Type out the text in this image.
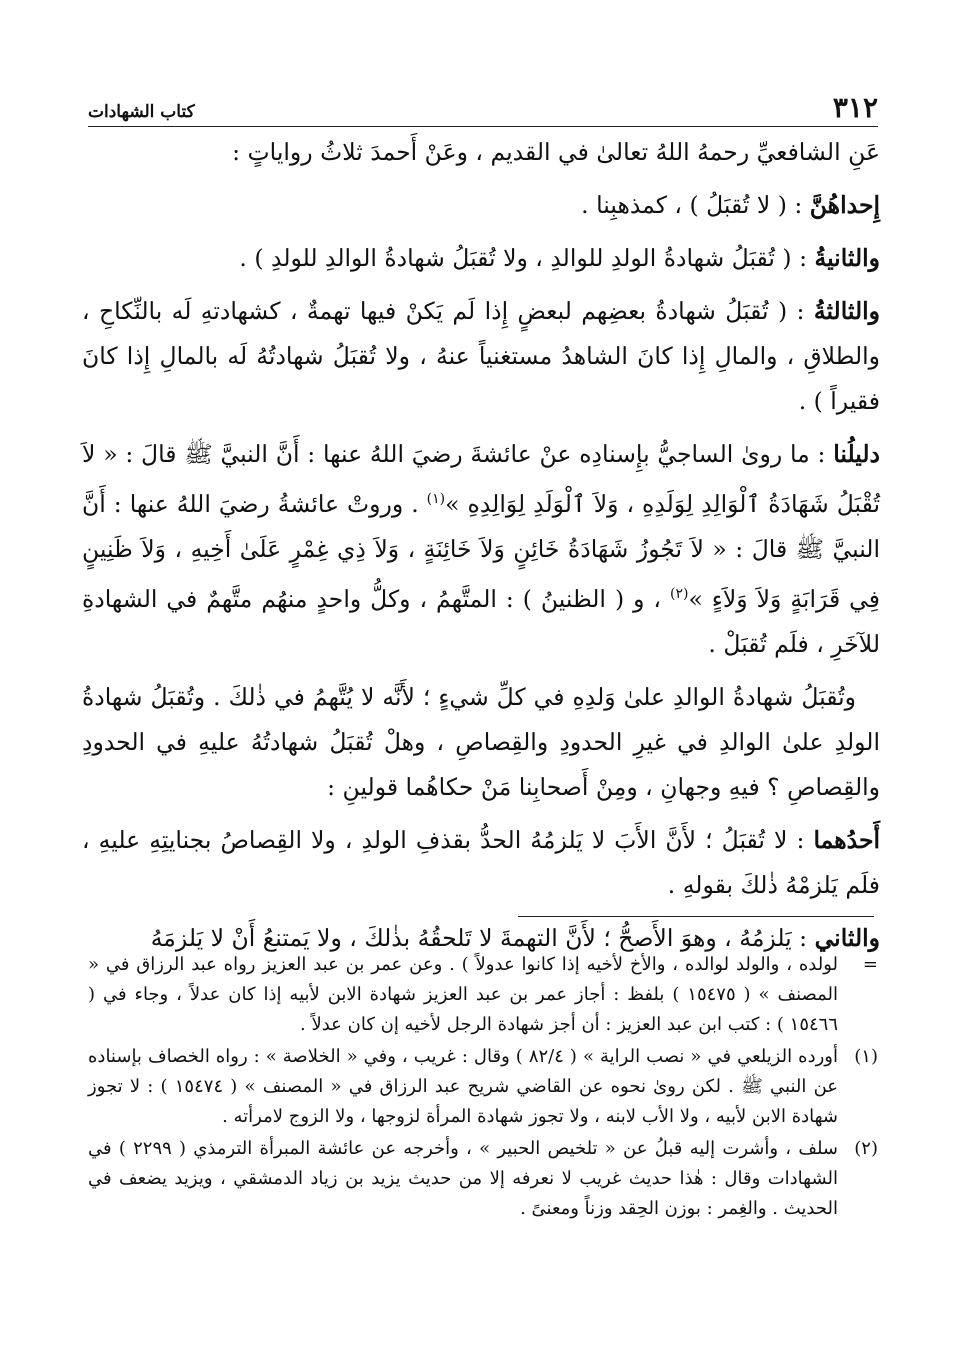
٣١٢
كتاب الشهادات

عَنِ الشافعيِّ رحمهُ اللهُ تعالىٰ في القديم ، وعَنْ أَحمدَ ثلاثُ رواياتٍ :

إِحداهُنَّ : ( لا تُقبَلُ ) ، كمذهبِنا .

والثانيةُ : ( تُقبَلُ شهادةُ الولدِ للوالدِ ، ولا تُقبَلُ شهادةُ الوالدِ للولدِ ) .

والثالثةُ : ( تُقبَلُ شهادةُ بعضِهم لبعضٍ إِذا لَم يَكنْ فيها تهمةٌ ، كشهادتهِ لَه بالنِّكاحِ ، والطلاقِ ، والمالِ إِذا كانَ الشاهدُ مستغنياً عنهُ ، ولا تُقبَلُ شهادتُهُ لَه بالمالِ إِذا كانَ فقيراً ) .

دليلُنا : ما روىٰ الساجيُّ بإِسنادِه عنْ عائشةَ رضيَ اللهُ عنها : أَنَّ النبيَّ ﷺ قالَ : « لاَ تُقْبَلُ شَهَادَةُ ٱلْوَالِدِ لِوَلَدِهِ ، وَلاَ ٱلْوَلَدِ لِوَالِدِهِ »$^{(١)}$ . وروتْ عائشةُ رضيَ اللهُ عنها : أَنَّ النبيَّ ﷺ قالَ : « لاَ تَجُوزُ شَهَادَةُ خَائِنٍ وَلاَ خَائِنَةٍ ، وَلاَ ذِي غِمْرٍ عَلَىٰ أَخِيهِ ، وَلاَ ظَنِينٍ فِي قَرَابَةٍ وَلاَ وَلاَءٍ »$^{(٢)}$ ، و ( الظنينُ ) : المتَّهمُ ، وكلُّ واحدٍ منهُم متَّهمٌ في الشهادةِ للآخَرِ ، فلَم تُقبَلْ .

وتُقبَلُ شهادةُ الوالدِ علىٰ وَلدِهِ في كلِّ شيءٍ ؛ لأَنَّه لا يُتَّهمُ في ذٰلكَ . وتُقبَلُ شهادةُ الولدِ علىٰ الوالدِ في غيرِ الحدودِ والقِصاصِ ، وهلْ تُقبَلُ شهادتُهُ عليهِ في الحدودِ والقِصاصِ ؟ فيهِ وجهانِ ، ومِنْ أَصحابِنا مَنْ حكاهُما قولينِ :

أَحدُهما : لا تُقبَلُ ؛ لأَنَّ الأَبَ لا يَلزمُهُ الحدُّ بقذفِ الولدِ ، ولا القِصاصُ بجنايتِهِ عليهِ ، فلَم يَلزمْهُ ذٰلكَ بقولهِ .

والثاني : يَلزمُهُ ، وهوَ الأَصحُّ ؛ لأَنَّ التهمةَ لا تَلحقُهُ بذٰلكَ ، ولا يَمتنعُ أَنْ لا يَلزمَهُ

=
لولده ، والولد لوالده ، والأخ لأخيه إذا كانوا عدولاً ) . وعن عمر بن عبد العزيز رواه عبد الرزاق في « المصنف » ( ١٥٤٧٥ ) بلفظ : أجاز عمر بن عبد العزيز شهادة الابن لأبيه إذا كان عدلاً ، وجاء في ( ١٥٤٦٦ ) : كتب ابن عبد العزيز : أن أجز شهادة الرجل لأخيه إن كان عدلاً .
(١)
أورده الزيلعي في « نصب الراية » ( ٨٢/٤ ) وقال : غريب ، وفي « الخلاصة » : رواه الخصاف بإسناده عن النبي ﷺ . لكن روىٰ نحوه عن القاضي شريح عبد الرزاق في « المصنف » ( ١٥٤٧٤ ) : لا تجوز شهادة الابن لأبيه ، ولا الأب لابنه ، ولا تجوز شهادة المرأة لزوجها ، ولا الزوج لامرأته .
(٢)
سلف ، وأشرت إليه قبلُ عن « تلخيص الحبير » ، وأخرجه عن عائشة المبرأة الترمذي ( ٢٢٩٩ ) في الشهادات وقال : هٰذا حديث غريب لا نعرفه إلا من حديث يزيد بن زياد الدمشقي ، ويزيد يضعف في الحديث . والغِمر : بوزن الحِقد وزناً ومعنىً .
